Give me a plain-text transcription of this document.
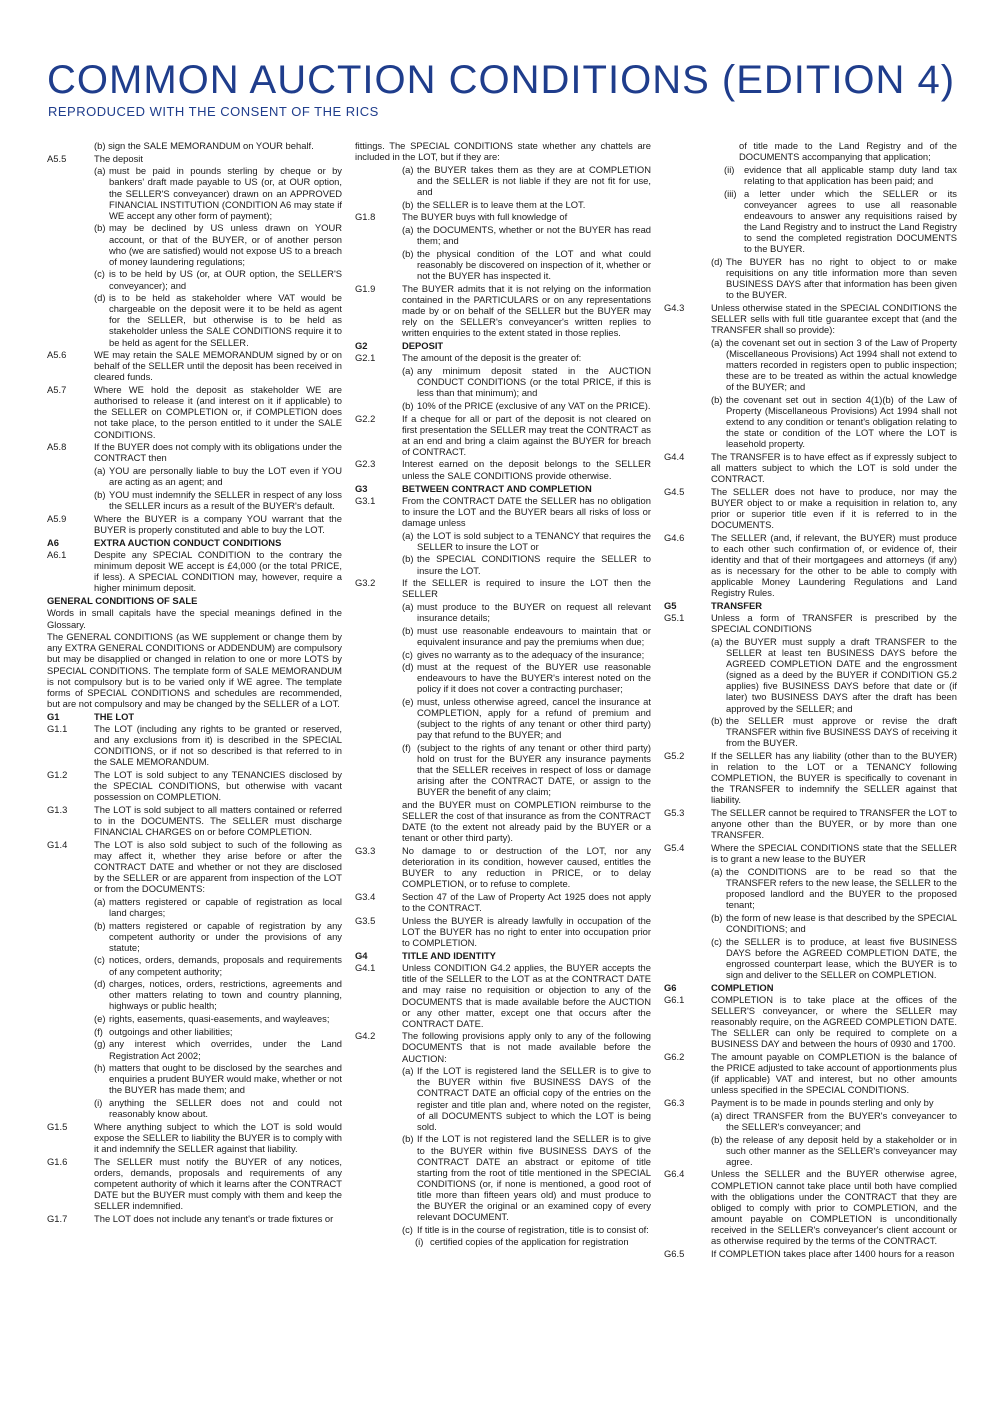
COMMON AUCTION CONDITIONS (EDITION 4)
REPRODUCED WITH THE CONSENT OF THE RICS
(b) sign the SALE MEMORANDUM on YOUR behalf.
A5.5	The deposit
(a) must be paid in pounds sterling by cheque or by bankers' draft made payable to US (or, at OUR option, the SELLER'S conveyancer) drawn on an APPROVED FINANCIAL INSTITUTION (CONDITION A6 may state if WE accept any other form of payment);
(b) may be declined by US unless drawn on YOUR account, or that of the BUYER, or of another person who (we are satisfied) would not expose US to a breach of money laundering regulations;
(c) is to be held by US (or, at OUR option, the SELLER'S conveyancer); and
(d) is to be held as stakeholder where VAT would be chargeable on the deposit were it to be held as agent for the SELLER, but otherwise is to be held as stakeholder unless the SALE CONDITIONS require it to be held as agent for the SELLER.
A5.6	WE may retain the SALE MEMORANDUM signed by or on behalf of the SELLER until the deposit has been received in cleared funds.
A5.7	Where WE hold the deposit as stakeholder WE are authorised to release it (and interest on it if applicable) to the SELLER on COMPLETION or, if COMPLETION does not take place, to the person entitled to it under the SALE CONDITIONS.
A5.8	If the BUYER does not comply with its obligations under the CONTRACT then
(a) YOU are personally liable to buy the LOT even if YOU are acting as an agent; and
(b) YOU must indemnify the SELLER in respect of any loss the SELLER incurs as a result of the BUYER's default.
A5.9	Where the BUYER is a company YOU warrant that the BUYER is properly constituted and able to buy the LOT.
A6	EXTRA AUCTION CONDUCT CONDITIONS
A6.1	Despite any SPECIAL CONDITION to the contrary the minimum deposit WE accept is £4,000 (or the total PRICE, if less). A SPECIAL CONDITION may, however, require a higher minimum deposit.
GENERAL CONDITIONS OF SALE
Words in small capitals have the special meanings defined in the Glossary.
The GENERAL CONDITIONS (as WE supplement or change them by any EXTRA GENERAL CONDITIONS or ADDENDUM) are compulsory but may be disapplied or changed in relation to one or more LOTS by SPECIAL CONDITIONS. The template form of SALE MEMORANDUM is not compulsory but is to be varied only if WE agree. The template forms of SPECIAL CONDITIONS and schedules are recommended, but are not compulsory and may be changed by the SELLER of a LOT.
G1	THE LOT
G1.1	The LOT (including any rights to be granted or reserved, and any exclusions from it) is described in the SPECIAL CONDITIONS, or if not so described is that referred to in the SALE MEMORANDUM.
G1.2	The LOT is sold subject to any TENANCIES disclosed by the SPECIAL CONDITIONS, but otherwise with vacant possession on COMPLETION.
G1.3	The LOT is sold subject to all matters contained or referred to in the DOCUMENTS. The SELLER must discharge FINANCIAL CHARGES on or before COMPLETION.
G1.4	The LOT is also sold subject to such of the following as may affect it, whether they arise before or after the CONTRACT DATE and whether or not they are disclosed by the SELLER or are apparent from inspection of the LOT or from the DOCUMENTS:
(a) matters registered or capable of registration as local land charges;
(b) matters registered or capable of registration by any competent authority or under the provisions of any statute;
(c) notices, orders, demands, proposals and requirements of any competent authority;
(d) charges, notices, orders, restrictions, agreements and other matters relating to town and country planning, highways or public health;
(e) rights, easements, quasi-easements, and wayleaves;
(f) outgoings and other liabilities;
(g) any interest which overrides, under the Land Registration Act 2002;
(h) matters that ought to be disclosed by the searches and enquiries a prudent BUYER would make, whether or not the BUYER has made them; and
(i) anything the SELLER does not and could not reasonably know about.
G1.5	Where anything subject to which the LOT is sold would expose the SELLER to liability the BUYER is to comply with it and indemnify the SELLER against that liability.
G1.6	The SELLER must notify the BUYER of any notices, orders, demands, proposals and requirements of any competent authority of which it learns after the CONTRACT DATE but the BUYER must comply with them and keep the SELLER indemnified.
G1.7	The LOT does not include any tenant's or trade fixtures or
fittings. The SPECIAL CONDITIONS state whether any chattels are included in the LOT, but if they are:
(a) the BUYER takes them as they are at COMPLETION and the SELLER is not liable if they are not fit for use, and
(b) the SELLER is to leave them at the LOT.
G1.8	The BUYER buys with full knowledge of
(a) the DOCUMENTS, whether or not the BUYER has read them; and
(b) the physical condition of the LOT and what could reasonably be discovered on inspection of it, whether or not the BUYER has inspected it.
G1.9	The BUYER admits that it is not relying on the information contained in the PARTICULARS or on any representations made by or on behalf of the SELLER but the BUYER may rely on the SELLER's conveyancer's written replies to written enquiries to the extent stated in those replies.
G2	DEPOSIT
G2.1	The amount of the deposit is the greater of:
(a) any minimum deposit stated in the AUCTION CONDUCT CONDITIONS (or the total PRICE, if this is less than that minimum); and
(b) 10% of the PRICE (exclusive of any VAT on the PRICE).
G2.2	If a cheque for all or part of the deposit is not cleared on first presentation the SELLER may treat the CONTRACT as at an end and bring a claim against the BUYER for breach of CONTRACT.
G2.3	Interest earned on the deposit belongs to the SELLER unless the SALE CONDITIONS provide otherwise.
G3	BETWEEN CONTRACT AND COMPLETION
G3.1	From the CONTRACT DATE the SELLER has no obligation to insure the LOT and the BUYER bears all risks of loss or damage unless
(a) the LOT is sold subject to a TENANCY that requires the SELLER to insure the LOT or
(b) the SPECIAL CONDITIONS require the SELLER to insure the LOT.
G3.2	If the SELLER is required to insure the LOT then the SELLER
(a) must produce to the BUYER on request all relevant insurance details;
(b) must use reasonable endeavours to maintain that or equivalent insurance and pay the premiums when due;
(c) gives no warranty as to the adequacy of the insurance;
(d) must at the request of the BUYER use reasonable endeavours to have the BUYER's interest noted on the policy if it does not cover a contracting purchaser;
(e) must, unless otherwise agreed, cancel the insurance at COMPLETION, apply for a refund of premium and (subject to the rights of any tenant or other third party) pay that refund to the BUYER; and
(f) (subject to the rights of any tenant or other third party) hold on trust for the BUYER any insurance payments that the SELLER receives in respect of loss or damage arising after the CONTRACT DATE, or assign to the BUYER the benefit of any claim;
and the BUYER must on COMPLETION reimburse to the SELLER the cost of that insurance as from the CONTRACT DATE (to the extent not already paid by the BUYER or a tenant or other third party).
G3.3	No damage to or destruction of the LOT, nor any deterioration in its condition, however caused, entitles the BUYER to any reduction in PRICE, or to delay COMPLETION, or to refuse to complete.
G3.4	Section 47 of the Law of Property Act 1925 does not apply to the CONTRACT.
G3.5	Unless the BUYER is already lawfully in occupation of the LOT the BUYER has no right to enter into occupation prior to COMPLETION.
G4	TITLE AND IDENTITY
G4.1	Unless CONDITION G4.2 applies, the BUYER accepts the title of the SELLER to the LOT as at the CONTRACT DATE and may raise no requisition or objection to any of the DOCUMENTS that is made available before the AUCTION or any other matter, except one that occurs after the CONTRACT DATE.
G4.2	The following provisions apply only to any of the following DOCUMENTS that is not made available before the AUCTION:
(a) If the LOT is registered land the SELLER is to give to the BUYER within five BUSINESS DAYS of the CONTRACT DATE an official copy of the entries on the register and title plan and, where noted on the register, of all DOCUMENTS subject to which the LOT is being sold.
(b) If the LOT is not registered land the SELLER is to give to the BUYER within five BUSINESS DAYS of the CONTRACT DATE an abstract or epitome of title starting from the root of title mentioned in the SPECIAL CONDITIONS (or, if none is mentioned, a good root of title more than fifteen years old) and must produce to the BUYER the original or an examined copy of every relevant DOCUMENT.
(c) If title is in the course of registration, title is to consist of:
(i) certified copies of the application for registration
of title made to the Land Registry and of the DOCUMENTS accompanying that application;
(ii)	evidence that all applicable stamp duty land tax relating to that application has been paid; and
(iii) a letter under which the SELLER or its conveyancer agrees to use all reasonable endeavours to answer any requisitions raised by the Land Registry and to instruct the Land Registry to send the completed registration DOCUMENTS to the BUYER.
(d) The BUYER has no right to object to or make requisitions on any title information more than seven BUSINESS DAYS after that information has been given to the BUYER.
G4.3	Unless otherwise stated in the SPECIAL CONDITIONS the SELLER sells with full title guarantee except that (and the TRANSFER shall so provide):
(a) the covenant set out in section 3 of the Law of Property (Miscellaneous Provisions) Act 1994 shall not extend to matters recorded in registers open to public inspection; these are to be treated as within the actual knowledge of the BUYER; and
(b) the covenant set out in section 4(1)(b) of the Law of Property (Miscellaneous Provisions) Act 1994 shall not extend to any condition or tenant's obligation relating to the state or condition of the LOT where the LOT is leasehold property.
G4.4	The TRANSFER is to have effect as if expressly subject to all matters subject to which the LOT is sold under the CONTRACT.
G4.5	The SELLER does not have to produce, nor may the BUYER object to or make a requisition in relation to, any prior or superior title even if it is referred to in the DOCUMENTS.
G4.6	The SELLER (and, if relevant, the BUYER) must produce to each other such confirmation of, or evidence of, their identity and that of their mortgagees and attorneys (if any) as is necessary for the other to be able to comply with applicable Money Laundering Regulations and Land Registry Rules.
G5	TRANSFER
G5.1	Unless a form of TRANSFER is prescribed by the SPECIAL CONDITIONS
(a) the BUYER must supply a draft TRANSFER to the SELLER at least ten BUSINESS DAYS before the AGREED COMPLETION DATE and the engrossment (signed as a deed by the BUYER if CONDITION G5.2 applies) five BUSINESS DAYS before that date or (if later) two BUSINESS DAYS after the draft has been approved by the SELLER; and
(b) the SELLER must approve or revise the draft TRANSFER within five BUSINESS DAYS of receiving it from the BUYER.
G5.2	If the SELLER has any liability (other than to the BUYER) in relation to the LOT or a TENANCY following COMPLETION, the BUYER is specifically to covenant in the TRANSFER to indemnify the SELLER against that liability.
G5.3	The SELLER cannot be required to TRANSFER the LOT to anyone other than the BUYER, or by more than one TRANSFER.
G5.4	Where the SPECIAL CONDITIONS state that the SELLER is to grant a new lease to the BUYER
(a) the CONDITIONS are to be read so that the TRANSFER refers to the new lease, the SELLER to the proposed landlord and the BUYER to the proposed tenant;
(b) the form of new lease is that described by the SPECIAL CONDITIONS; and
(c) the SELLER is to produce, at least five BUSINESS DAYS before the AGREED COMPLETION DATE, the engrossed counterpart lease, which the BUYER is to sign and deliver to the SELLER on COMPLETION.
G6	COMPLETION
G6.1	COMPLETION is to take place at the offices of the SELLER'S conveyancer, or where the SELLER may reasonably require, on the AGREED COMPLETION DATE. The SELLER can only be required to complete on a BUSINESS DAY and between the hours of 0930 and 1700.
G6.2	The amount payable on COMPLETION is the balance of the PRICE adjusted to take account of apportionments plus (if applicable) VAT and interest, but no other amounts unless specified in the SPECIAL CONDITIONS.
G6.3	Payment is to be made in pounds sterling and only by
(a) direct TRANSFER from the BUYER's conveyancer to the SELLER's conveyancer; and
(b) the release of any deposit held by a stakeholder or in such other manner as the SELLER's conveyancer may agree.
G6.4	Unless the SELLER and the BUYER otherwise agree, COMPLETION cannot take place until both have complied with the obligations under the CONTRACT that they are obliged to comply with prior to COMPLETION, and the amount payable on COMPLETION is unconditionally received in the SELLER's conveyancer's client account or as otherwise required by the terms of the CONTRACT.
G6.5	If COMPLETION takes place after 1400 hours for a reason
